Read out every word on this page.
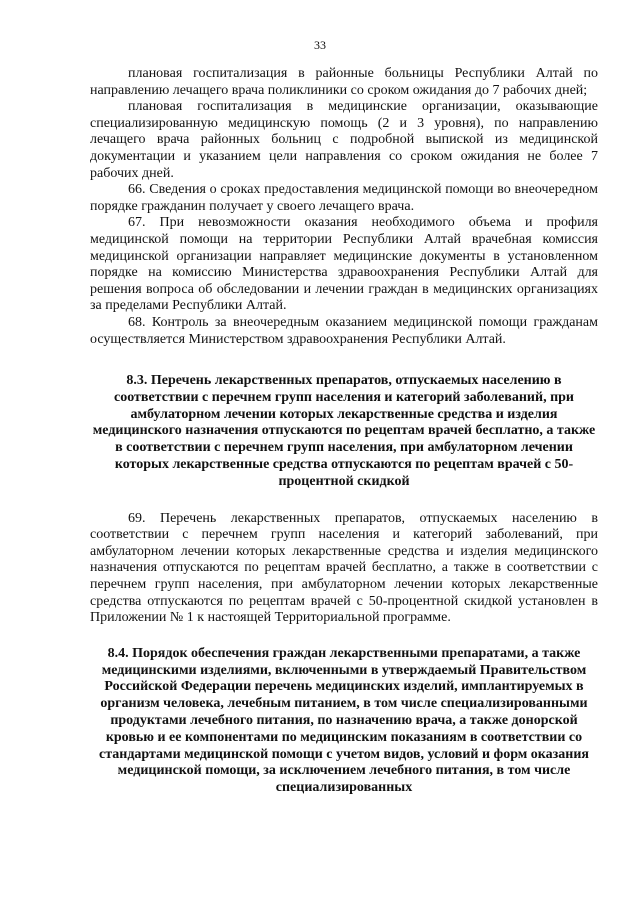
33

плановая госпитализация в районные больницы Республики Алтай по направлению лечащего врача поликлиники со сроком ожидания до 7 рабочих дней;

плановая госпитализация в медицинские организации, оказывающие специализированную медицинскую помощь (2 и 3 уровня), по направлению лечащего врача районных больниц с подробной выпиской из медицинской документации и указанием цели направления со сроком ожидания не более 7 рабочих дней.

66. Сведения о сроках предоставления медицинской помощи во внеочередном порядке гражданин получает у своего лечащего врача.

67. При невозможности оказания необходимого объема и профиля медицинской помощи на территории Республики Алтай врачебная комиссия медицинской организации направляет медицинские документы в установленном порядке на комиссию Министерства здравоохранения Республики Алтай для решения вопроса об обследовании и лечении граждан в медицинских организациях за пределами Республики Алтай.

68. Контроль за внеочередным оказанием медицинской помощи гражданам осуществляется Министерством здравоохранения Республики Алтай.

8.3. Перечень лекарственных препаратов, отпускаемых населению в соответствии с перечнем групп населения и категорий заболеваний, при амбулаторном лечении которых лекарственные средства и изделия медицинского назначения отпускаются по рецептам врачей бесплатно, а также в соответствии с перечнем групп населения, при амбулаторном лечении которых лекарственные средства отпускаются по рецептам врачей с 50-процентной скидкой

69. Перечень лекарственных препаратов, отпускаемых населению в соответствии с перечнем групп населения и категорий заболеваний, при амбулаторном лечении которых лекарственные средства и изделия медицинского назначения отпускаются по рецептам врачей бесплатно, а также в соответствии с перечнем групп населения, при амбулаторном лечении которых лекарственные средства отпускаются по рецептам врачей с 50-процентной скидкой установлен в Приложении № 1 к настоящей Территориальной программе.

8.4. Порядок обеспечения граждан лекарственными препаратами, а также медицинскими изделиями, включенными в утверждаемый Правительством Российской Федерации перечень медицинских изделий, имплантируемых в организм человека, лечебным питанием, в том числе специализированными продуктами лечебного питания, по назначению врача, а также донорской кровью и ее компонентами по медицинским показаниям в соответствии со стандартами медицинской помощи с учетом видов, условий и форм оказания медицинской помощи, за исключением лечебного питания, в том числе специализированных
